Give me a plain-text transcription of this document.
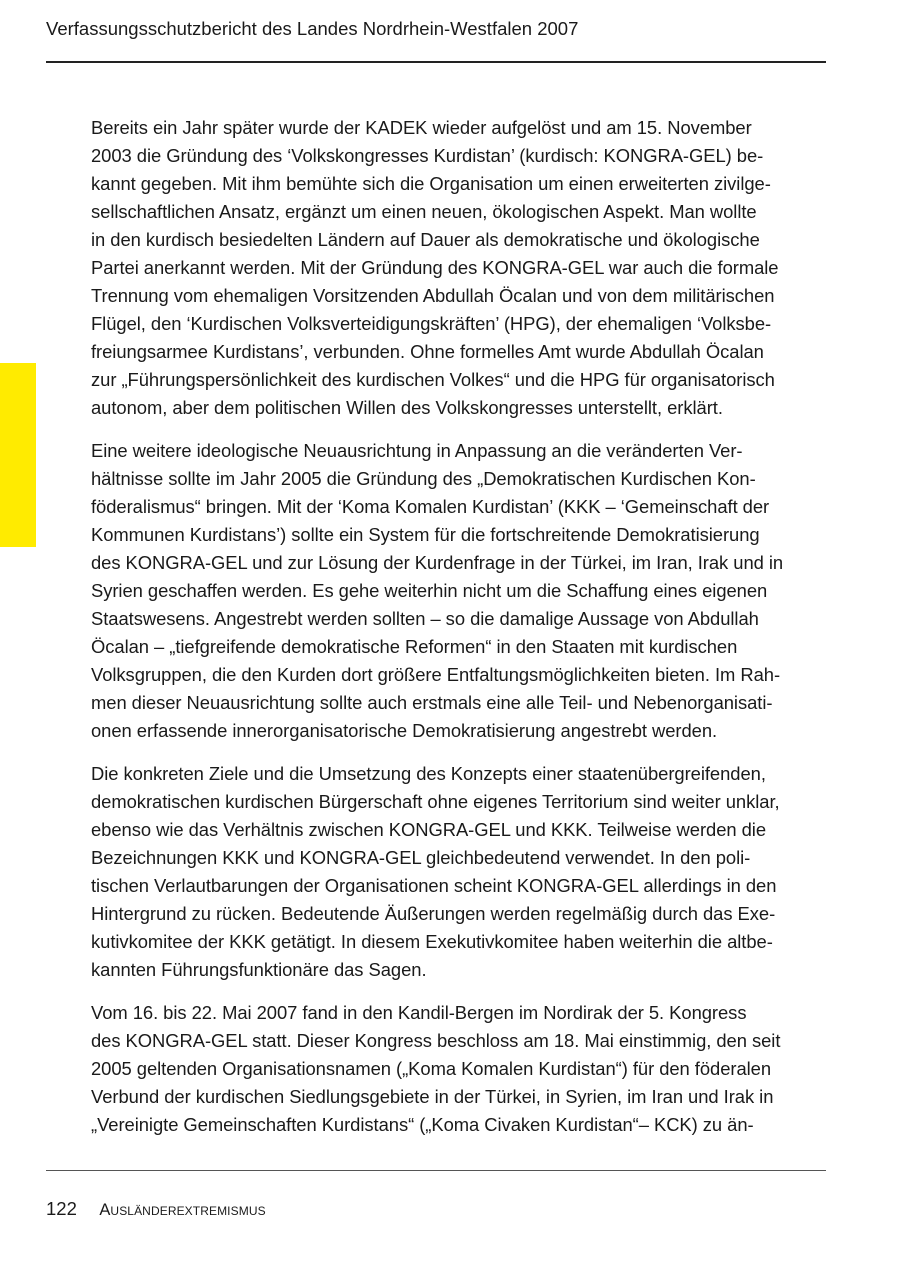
Verfassungsschutzbericht des Landes Nordrhein-Westfalen 2007
Bereits ein Jahr später wurde der KADEK wieder aufgelöst und am 15. November
2003 die Gründung des ‘Volkskongresses Kurdistan’ (kurdisch: KONGRA-GEL) be-
kannt gegeben. Mit ihm bemühte sich die Organisation um einen erweiterten zivilge-
sellschaftlichen Ansatz, ergänzt um einen neuen, ökologischen Aspekt. Man wollte
in den kurdisch besiedelten Ländern auf Dauer als demokratische und ökologische
Partei anerkannt werden. Mit der Gründung des KONGRA-GEL war auch die formale
Trennung vom ehemaligen Vorsitzenden Abdullah Öcalan und von dem militärischen
Flügel, den ‘Kurdischen Volksverteidigungskräften’ (HPG), der ehemaligen ‘Volksbe-
freiungsarmee Kurdistans’, verbunden. Ohne formelles Amt wurde Abdullah Öcalan
zur „Führungspersönlichkeit des kurdischen Volkes“ und die HPG für organisatorisch
autonom, aber dem politischen Willen des Volkskongresses unterstellt, erklärt.
Eine weitere ideologische Neuausrichtung in Anpassung an die veränderten Ver-
hältnisse sollte im Jahr 2005 die Gründung des „Demokratischen Kurdischen Kon-
föderalismus“ bringen. Mit der ‘Koma Komalen Kurdistan’ (KKK – ‘Gemeinschaft der
Kommunen Kurdistans’) sollte ein System für die fortschreitende Demokratisierung
des KONGRA-GEL und zur Lösung der Kurdenfrage in der Türkei, im Iran, Irak und in
Syrien geschaffen werden. Es gehe weiterhin nicht um die Schaffung eines eigenen
Staatswesens. Angestrebt werden sollten – so die damalige Aussage von Abdullah
Öcalan – „tiefgreifende demokratische Reformen“ in den Staaten mit kurdischen
Volksgruppen, die den Kurden dort größere Entfaltungsmöglichkeiten bieten. Im Rah-
men dieser Neuausrichtung sollte auch erstmals eine alle Teil- und Nebenorganisati-
onen erfassende innerorganisatorische Demokratisierung angestrebt werden.
Die konkreten Ziele und die Umsetzung des Konzepts einer staatenübergreifenden,
demokratischen kurdischen Bürgerschaft ohne eigenes Territorium sind weiter unklar,
ebenso wie das Verhältnis zwischen KONGRA-GEL und KKK. Teilweise werden die
Bezeichnungen KKK und KONGRA-GEL gleichbedeutend verwendet. In den poli-
tischen Verlautbarungen der Organisationen scheint KONGRA-GEL allerdings in den
Hintergrund zu rücken. Bedeutende Äußerungen werden regelmäßig durch das Exe-
kutivkomitee der KKK getätigt. In diesem Exekutivkomitee haben weiterhin die altbe-
kannten Führungsfunktionäre das Sagen.
Vom 16. bis 22. Mai 2007 fand in den Kandil-Bergen im Nordirak der 5. Kongress
des KONGRA-GEL statt. Dieser Kongress beschloss am 18. Mai einstimmig, den seit
2005 geltenden Organisationsnamen („Koma Komalen Kurdistan“) für den föderalen
Verbund der kurdischen Siedlungsgebiete in der Türkei, in Syrien, im Iran und Irak in
„Vereinigte Gemeinschaften Kurdistans“ („Koma Civaken Kurdistan“– KCK) zu än-
122 Ausländerextremismus
